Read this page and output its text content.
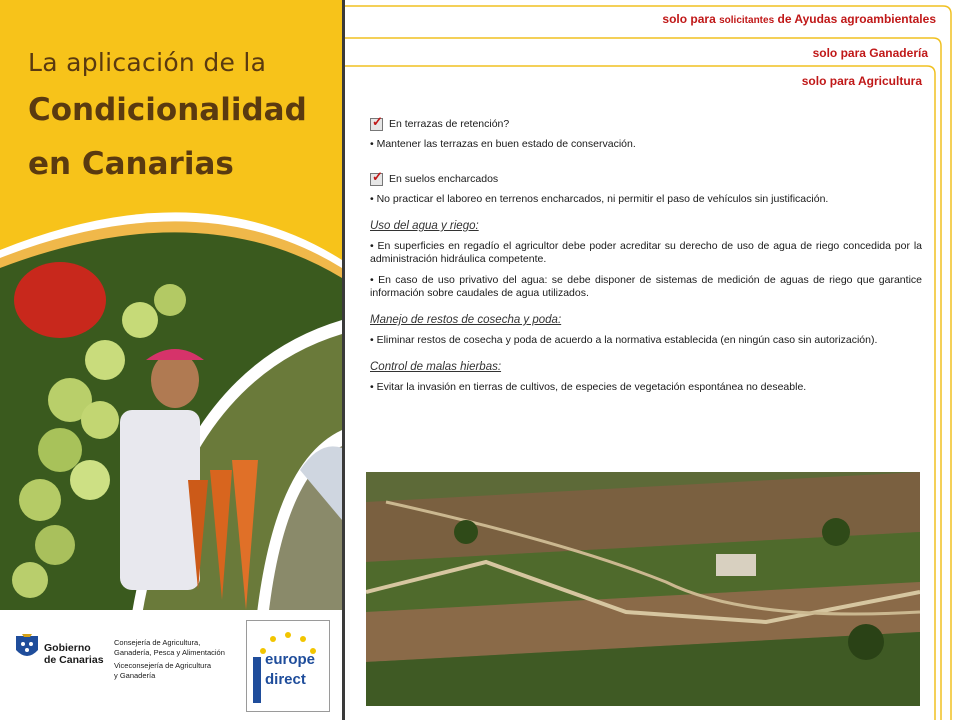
La aplicación de la
Condicionalidad
en Canarias
Gobierno
de Canarias
Consejería de Agricultura,
Ganadería, Pesca y Alimentación
Viceconsejería de Agricultura
y Ganadería
europe
direct
solo para solicitantes de Ayudas agroambientales
solo para Ganadería
solo para Agricultura
✓ En terrazas de retención?

• Mantener las terrazas en buen estado de conservación.

✓ En suelos encharcados

• No practicar el laboreo en terrenos encharcados, ni permitir el paso de vehículos sin justificación.

Uso del agua y riego:

• En superficies en regadío el agricultor debe poder acreditar su derecho de uso de agua de riego concedida por la administración hidráulica competente.

• En caso de uso privativo del agua: se debe disponer de sistemas de medición de aguas de riego que garantice información sobre caudales de agua utilizados.

Manejo de restos de cosecha y poda:

• Eliminar restos de cosecha y poda de acuerdo a la normativa establecida (en ningún caso sin autorización).

Control de malas hierbas:

• Evitar la invasión en tierras de cultivos, de especies de vegetación espontánea no deseable.
